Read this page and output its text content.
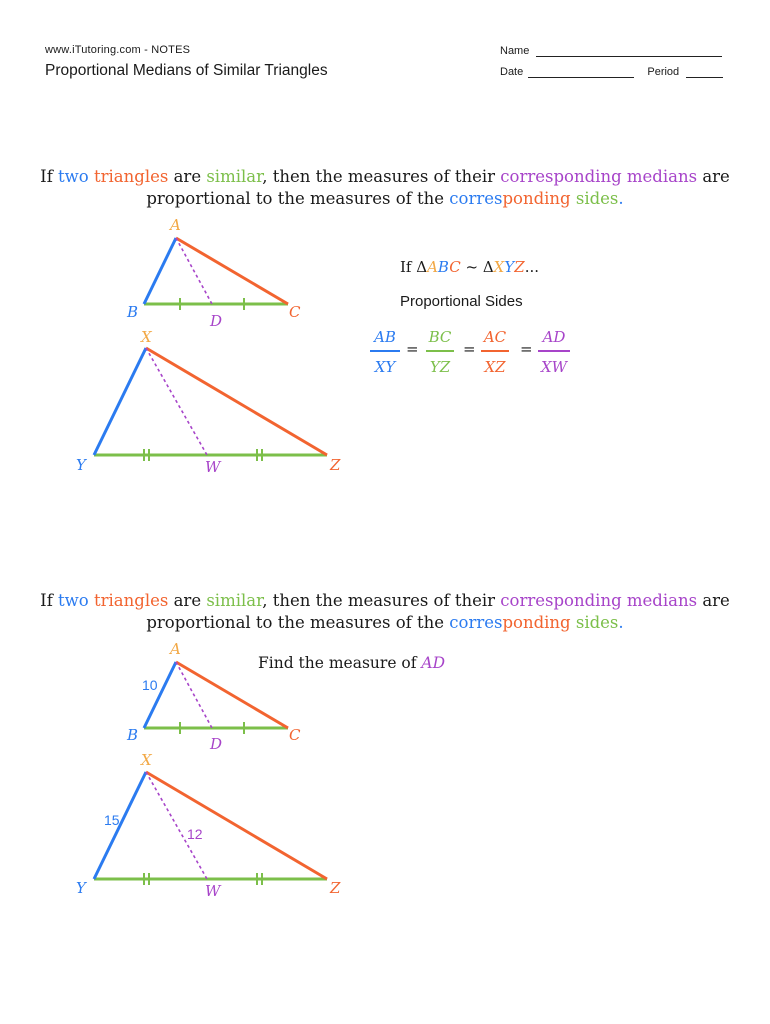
www.iTutoring.com - NOTES
Proportional Medians of Similar Triangles
Name
Date	Period
If two triangles are similar, then the measures of their corresponding medians are
proportional to the measures of the corresponding sides.
A
B	C
D
X
Y	Z
W
If ΔABC ~ ΔXYZ...
Proportional Sides
AB
XY
=
BC
YZ
=
AC
XZ
=
AD
XW
If two triangles are similar, then the measures of their corresponding medians are
proportional to the measures of the corresponding sides.
Find the measure of AD
A
B	C
D
X
Y	Z
W
10
15
12
